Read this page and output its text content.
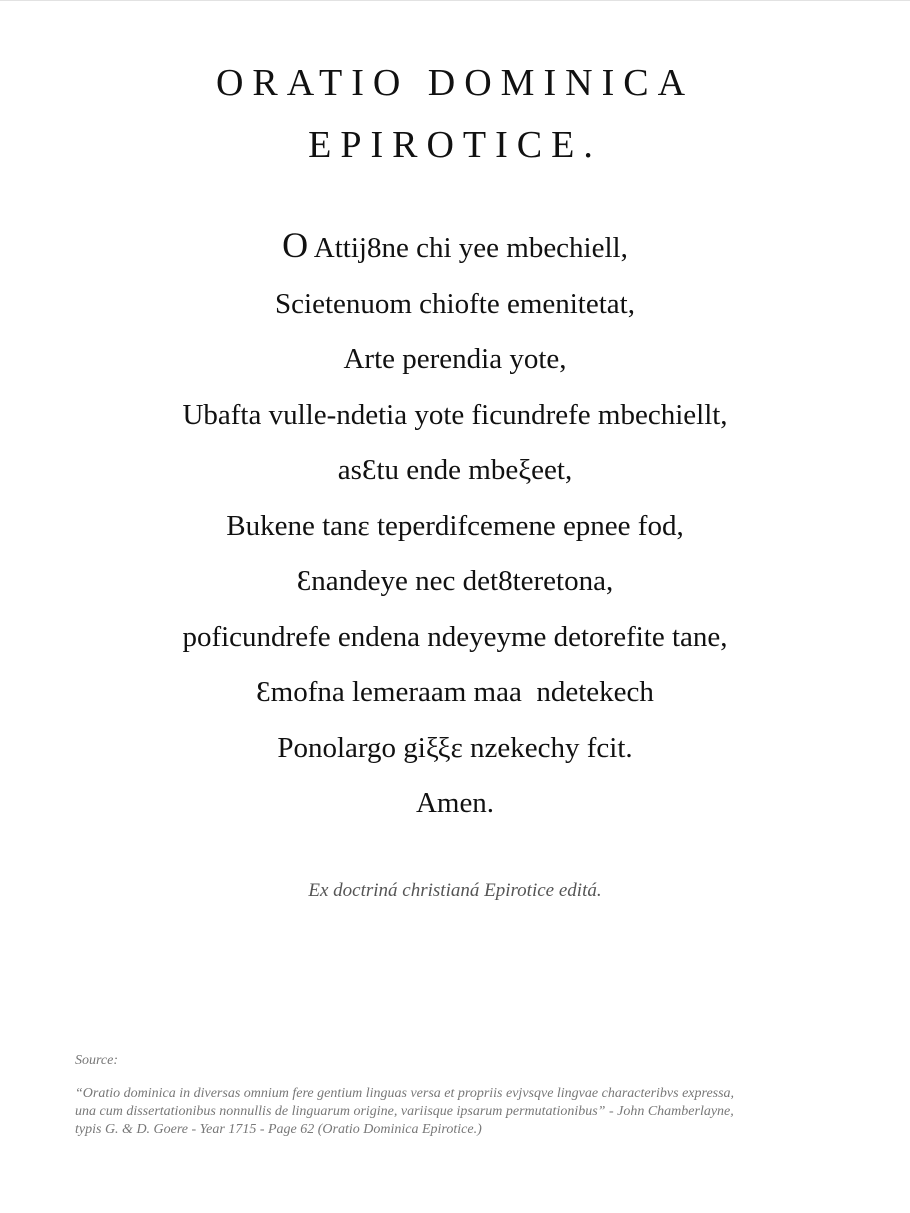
ORATIO DOMINICA
EPIROTICE.
O Attij8ne chi yee mbechiell,
Scietenuom chiofte emenitetat,
Arte perendia yote,
Ubafta vulle-ndetia yote ficundrefe mbechiellt,
asƐtu ende mbeξeet,
Bukene tanε teperdifcemene epnee fod,
Ɛnandeye nec det8teretona,
poficundrefe endena ndeyeyme detorefite tane,
Ɛmofna lemeraam maa  ndetekech
Ponolargo giξξε nzekechy fcit.
Amen.
Ex doctriná christianá Epirotice editá.
Source:
“Oratio dominica in diversas omnium fere gentium linguas versa et propriis evjvsqve lingvae characteribvs expressa,
una cum dissertationibus nonnullis de linguarum origine, variisque ipsarum permutationibus” - John Chamberlayne,
typis G. & D. Goere - Year 1715 - Page 62 (Oratio Dominica Epirotice.)
